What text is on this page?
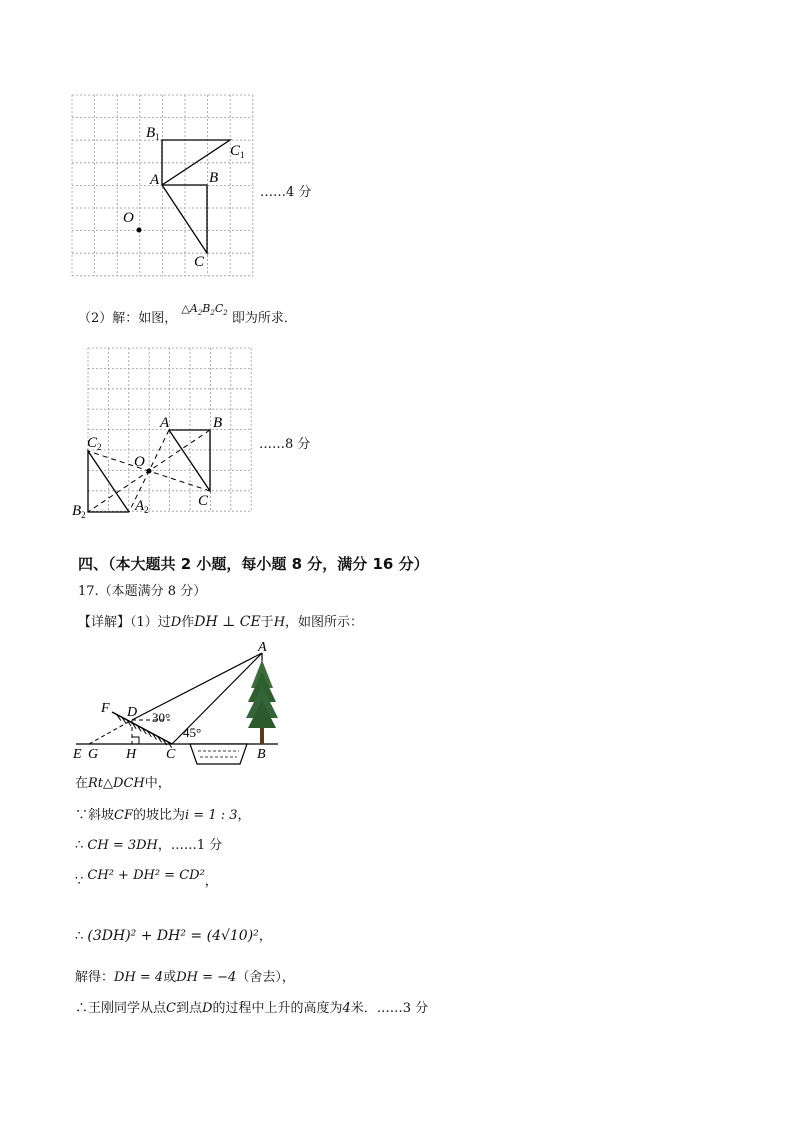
$B_1$
$C_1$
A	B
O
C
……4 分
（2）解：如图， $^{\triangle A_2B_2C_2}$ 即为所求．
A	B
$C_2$
O
C
$B_2$
$A_2$
……8 分
四、（本大题共 2 小题，每小题 8 分，满分 16 分）
17.（本题满分 8 分）
【详解】（1）过D作DH ⊥ CE于H，如图所示：
A
F D
E G H C	B
30°
45°
在Rt△DCH中，
∵斜坡CF的坡比为i = 1 : 3，
∴ CH = 3DH，……1 分
∵ CH² + DH² = CD²，
∴ (3DH)² + DH² = (4√10)²，
解得：DH = 4或DH = −4（舍去），
∴王刚同学从点C到点D的过程中上升的高度为4米．……3 分
